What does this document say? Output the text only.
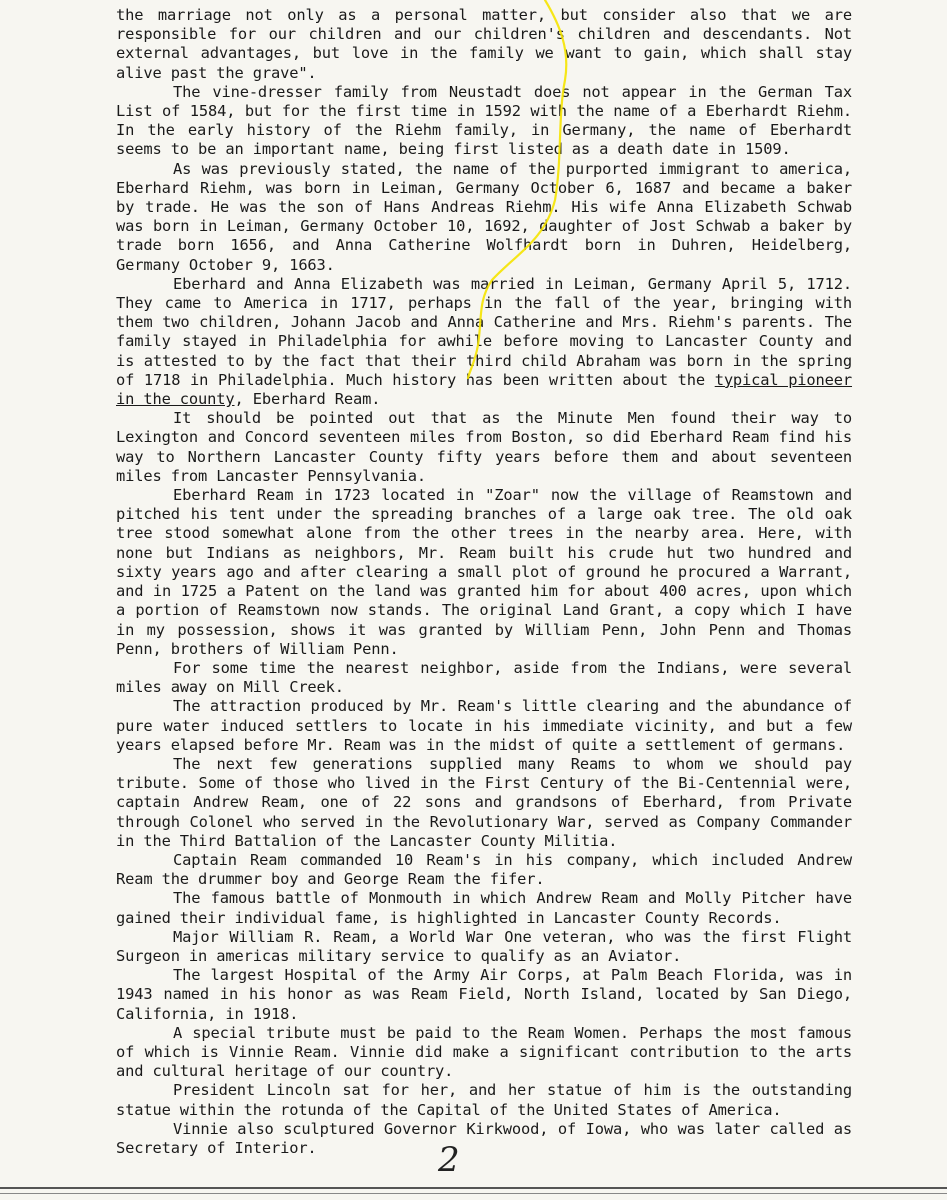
the marriage not only as a personal matter, but consider also that we are responsible for our children and our children's children and descendants. Not external advantages, but love in the family we want to gain, which shall stay alive past the grave".

The vine-dresser family from Neustadt does not appear in the German Tax List of 1584, but for the first time in 1592 with the name of a Eberhardt Riehm. In the early history of the Riehm family, in Germany, the name of Eberhardt seems to be an important name, being first listed as a death date in 1509.

As was previously stated, the name of the purported immigrant to america, Eberhard Riehm, was born in Leiman, Germany October 6, 1687 and became a baker by trade. He was the son of Hans Andreas Riehm. His wife Anna Elizabeth Schwab was born in Leiman, Germany October 10, 1692, daughter of Jost Schwab a baker by trade born 1656, and Anna Catherine Wolfhardt born in Duhren, Heidelberg, Germany October 9, 1663.

Eberhard and Anna Elizabeth was married in Leiman, Germany April 5, 1712. They came to America in 1717, perhaps in the fall of the year, bringing with them two children, Johann Jacob and Anna Catherine and Mrs. Riehm's parents. The family stayed in Philadelphia for awhile before moving to Lancaster County and is attested to by the fact that their third child Abraham was born in the spring of 1718 in Philadelphia. Much history has been written about the typical pioneer in the county, Eberhard Ream.

It should be pointed out that as the Minute Men found their way to Lexington and Concord seventeen miles from Boston, so did Eberhard Ream find his way to Northern Lancaster County fifty years before them and about seventeen miles from Lancaster Pennsylvania.

Eberhard Ream in 1723 located in "Zoar" now the village of Reamstown and pitched his tent under the spreading branches of a large oak tree. The old oak tree stood somewhat alone from the other trees in the nearby area. Here, with none but Indians as neighbors, Mr. Ream built his crude hut two hundred and sixty years ago and after clearing a small plot of ground he procured a Warrant, and in 1725 a Patent on the land was granted him for about 400 acres, upon which a portion of Reamstown now stands. The original Land Grant, a copy which I have in my possession, shows it was granted by William Penn, John Penn and Thomas Penn, brothers of William Penn.

For some time the nearest neighbor, aside from the Indians, were several miles away on Mill Creek.

The attraction produced by Mr. Ream's little clearing and the abundance of pure water induced settlers to locate in his immediate vicinity, and but a few years elapsed before Mr. Ream was in the midst of quite a settlement of germans.

The next few generations supplied many Reams to whom we should pay tribute. Some of those who lived in the First Century of the Bi-Centennial were, captain Andrew Ream, one of 22 sons and grandsons of Eberhard, from Private through Colonel who served in the Revolutionary War, served as Company Commander in the Third Battalion of the Lancaster County Militia.

Captain Ream commanded 10 Ream's in his company, which included Andrew Ream the drummer boy and George Ream the fifer.

The famous battle of Monmouth in which Andrew Ream and Molly Pitcher have gained their individual fame, is highlighted in Lancaster County Records.

Major William R. Ream, a World War One veteran, who was the first Flight Surgeon in americas military service to qualify as an Aviator.

The largest Hospital of the Army Air Corps, at Palm Beach Florida, was in 1943 named in his honor as was Ream Field, North Island, located by San Diego, California, in 1918.

A special tribute must be paid to the Ream Women. Perhaps the most famous of which is Vinnie Ream. Vinnie did make a significant contribution to the arts and cultural heritage of our country.

President Lincoln sat for her, and her statue of him is the outstanding statue within the rotunda of the Capital of the United States of America.

Vinnie also sculptured Governor Kirkwood, of Iowa, who was later called as Secretary of Interior.	2
